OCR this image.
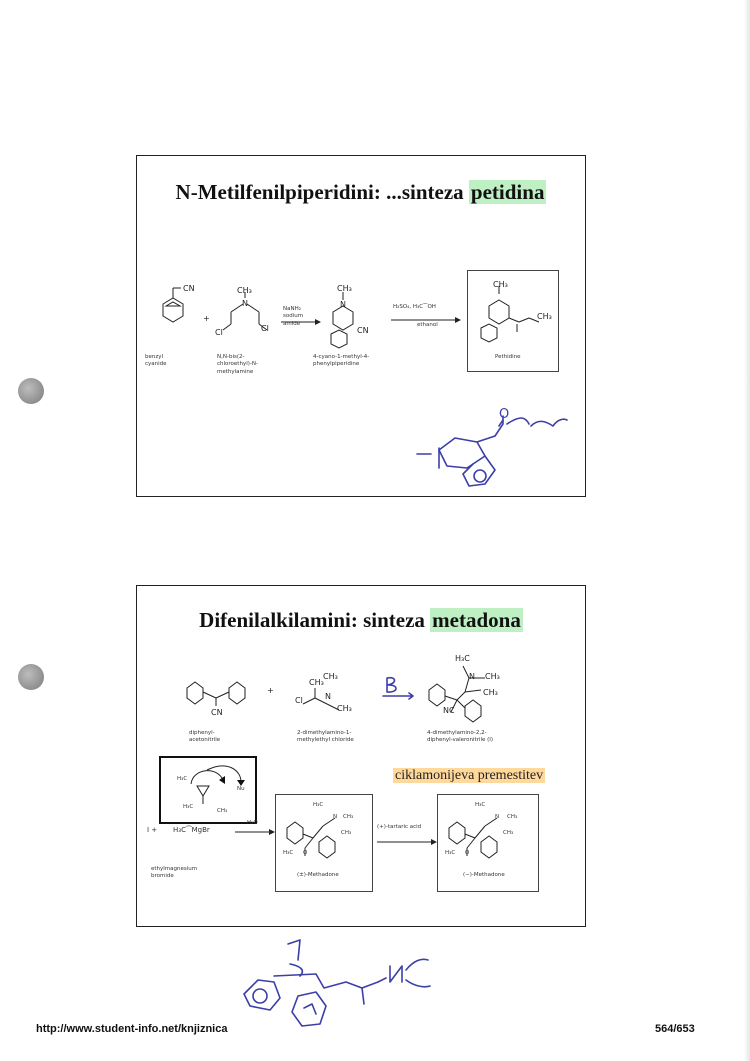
N-Metilfenilpiperidini: ...sinteza petidina
CN
benzyl cyanide
+
CH₃
N
Cl	Cl
N,N-bis(2-chloroethyl)-N-methylamine
NaNH₂ sodium amide
CH₃
N
CN
4-cyano-1-methyl-4-phenylpiperidine
H₂SO₄, H₃C⁀OH
ethanol
CH₃
CH₃
Pethidine
O
Difenilalkilamini: sinteza metadona
CN
diphenyl-acetonitrile
+
CH₃
CH₃
N
Cl
CH₃
2-dimethylamino-1-methylethyl chloride
H₃C
N CH₃
CH₃
NC
4-dimethylamino-2,2-diphenyl-valeronitrile (I)
ciklamonijeva premestitev
H₃C
Nu
H₃C
CH₃
I + H₃C⁀MgBr
H₂O
ethylmagnesium bromide
H₃C
N CH₃
CH₃
H₃C O
(±)-Methadone
(+)-tartaric acid
H₃C
N CH₃
CH₃
H₃C O
(−)-Methadone
http://www.student-info.net/knjiznica	564/653
